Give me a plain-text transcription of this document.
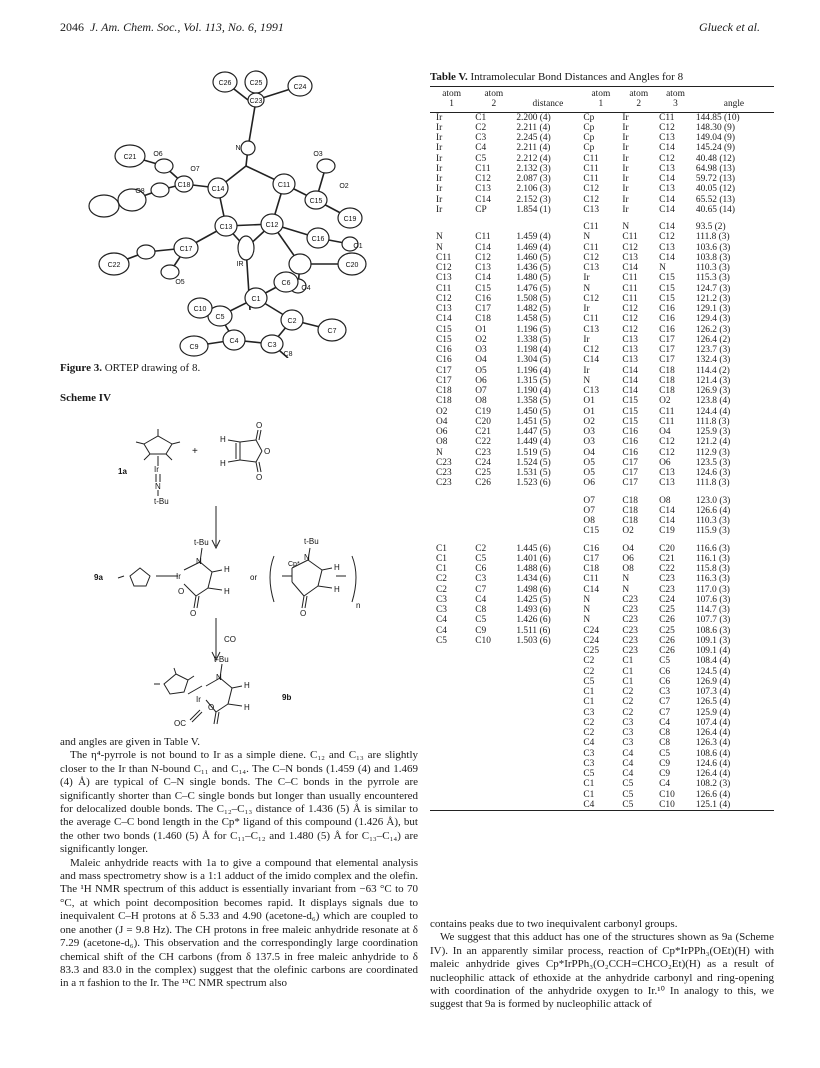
2046 J. Am. Chem. Soc., Vol. 113, No. 6, 1991	Glueck et al.
C26	C25
C24
C23
N
O3
O6
C21
O7
C14
C11	O2
C18
C15
C19
O8
C17
C13	C12
C16
C22
O1
O5
IR	C20
O4
C10
C5
C1
C6
C4
C2
C9	C3
C7
C8
Figure 3. ORTEP drawing of 8.
Scheme IV
N
Ir
t-Bu
1a
+
H
H
O
O
O
9a	Ir
N
t-Bu
H
H
O
O
or
Cp*
N
t-Bu
H
H
O
n
CO
Ir
OC
N
t-Bu
H
H
O
9b

and angles are given in Table V.

The η⁴-pyrrole is not bound to Ir as a simple diene. C₁₂ and C₁₃ are slightly closer to the Ir than N-bound C₁₁ and C₁₄. The C–N bonds (1.459 (4) and 1.469 (4) Å) are typical of C–N single bonds. The C–C bonds in the pyrrole are significantly shorter than C–C single bonds but longer than usually encountered for delocalized double bonds. The C₁₂–C₁₃ distance of 1.436 (5) Å is similar to the average C–C bond length in the Cp* ligand of this compound (1.426 Å), but the other two bonds (1.460 (5) Å for C₁₁–C₁₂ and 1.480 (5) Å for C₁₃–C₁₄) are significantly longer.

Maleic anhydride reacts with 1a to give a compound that elemental analysis and mass spectrometry show is a 1:1 adduct of the imido complex and the olefin. The ¹H NMR spectrum of this adduct is essentially invariant from −63 °C to 70 °C, at which point decomposition becomes rapid. It displays signals due to inequivalent C–H protons at δ 5.33 and 4.90 (acetone-d₆) which are coupled to one another (J = 9.8 Hz). The CH protons in free maleic anhydride resonate at δ 7.29 (acetone-d₆). This observation and the correspondingly large coordination chemical shift of the CH carbons (from δ 137.5 in free maleic anhydride to δ 83.3 and 83.0 in the complex) suggest that the olefinic carbons are coordinated in a π fashion to the Ir. The ¹³C NMR spectrum also

Table V. Intramolecular Bond Distances and Angles for 8
atom	atom		atom	atom	atom	
1	2	distance	1	2	3	angle
Ir	C1	2.200 (4)	Cp	Ir	C11	144.85 (10)
Ir	C2	2.211 (4)	Cp	Ir	C12	148.30 (9)
Ir	C3	2.245 (4)	Cp	Ir	C13	149.04 (9)
Ir	C4	2.211 (4)	Cp	Ir	C14	145.24 (9)
Ir	C5	2.212 (4)	C11	Ir	C12	40.48 (12)
Ir	C11	2.132 (3)	C11	Ir	C13	64.98 (13)
Ir	C12	2.087 (3)	C11	Ir	C14	59.72 (13)
Ir	C13	2.106 (3)	C12	Ir	C13	40.05 (12)
Ir	C14	2.152 (3)	C12	Ir	C14	65.52 (13)
Ir	CP	1.854 (1)	C13	Ir	C14	40.65 (14)

			C11	N	C14	93.5 (2)
N	C11	1.459 (4)	N	C11	C12	111.8 (3)
N	C14	1.469 (4)	C11	C12	C13	103.6 (3)
C11	C12	1.460 (5)	C12	C13	C14	103.8 (3)
C12	C13	1.436 (5)	C13	C14	N	110.3 (3)
C13	C14	1.480 (5)	Ir	C11	C15	115.3 (3)
C11	C15	1.476 (5)	N	C11	C15	124.7 (3)
C12	C16	1.508 (5)	C12	C11	C15	121.2 (3)
C13	C17	1.482 (5)	Ir	C12	C16	129.1 (3)
C14	C18	1.458 (5)	C11	C12	C16	129.4 (3)
C15	O1	1.196 (5)	C13	C12	C16	126.2 (3)
C15	O2	1.338 (5)	Ir	C13	C17	126.4 (2)
C16	O3	1.198 (4)	C12	C13	C17	123.7 (3)
C16	O4	1.304 (5)	C14	C13	C17	132.4 (3)
C17	O5	1.196 (4)	Ir	C14	C18	114.4 (2)
C17	O6	1.315 (5)	N	C14	C18	121.4 (3)
C18	O7	1.190 (4)	C13	C14	C18	126.9 (3)
C18	O8	1.358 (5)	O1	C15	O2	123.8 (4)
O2	C19	1.450 (5)	O1	C15	C11	124.4 (4)
O4	C20	1.451 (5)	O2	C15	C11	111.8 (3)
O6	C21	1.447 (5)	O3	C16	O4	125.9 (3)
O8	C22	1.449 (4)	O3	C16	C12	121.2 (4)
N	C23	1.519 (5)	O4	C16	C12	112.9 (3)
C23	C24	1.524 (5)	O5	C17	O6	123.5 (3)
C23	C25	1.531 (5)	O5	C17	C13	124.6 (3)
C23	C26	1.523 (6)	O6	C17	C13	111.8 (3)

			O7	C18	O8	123.0 (3)
			O7	C18	C14	126.6 (4)
			O8	C18	C14	110.3 (3)
			C15	O2	C19	115.9 (3)

C1	C2	1.445 (6)	C16	O4	C20	116.6 (3)
C1	C5	1.401 (6)	C17	O6	C21	116.1 (3)
C1	C6	1.488 (6)	C18	O8	C22	115.8 (3)
C2	C3	1.434 (6)	C11	N	C23	116.3 (3)
C2	C7	1.498 (6)	C14	N	C23	117.0 (3)
C3	C4	1.425 (5)	N	C23	C24	107.6 (3)
C3	C8	1.493 (6)	N	C23	C25	114.7 (3)
C4	C5	1.426 (6)	N	C23	C26	107.7 (3)
C4	C9	1.511 (6)	C24	C23	C25	108.6 (3)
C5	C10	1.503 (6)	C24	C23	C26	109.1 (3)
			C25	C23	C26	109.1 (4)
			C2	C1	C5	108.4 (4)
			C2	C1	C6	124.5 (4)
			C5	C1	C6	126.9 (4)
			C1	C2	C3	107.3 (4)
			C1	C2	C7	126.5 (4)
			C3	C2	C7	125.9 (4)
			C2	C3	C4	107.4 (4)
			C2	C3	C8	126.4 (4)
			C4	C3	C8	126.3 (4)
			C3	C4	C5	108.6 (4)
			C3	C4	C9	124.6 (4)
			C5	C4	C9	126.4 (4)
			C1	C5	C4	108.2 (3)
			C1	C5	C10	126.6 (4)
			C4	C5	C10	125.1 (4)

contains peaks due to two inequivalent carbonyl groups.

We suggest that this adduct has one of the structures shown as 9a (Scheme IV). In an apparently similar process, reaction of Cp*IrPPh₃(OEt)(H) with maleic anhydride gives Cp*IrPPh₃(O₂CCH=CHCO₂Et)(H) as a result of nucleophilic attack of ethoxide at the anhydride carbonyl and ring-opening with coordination of the anhydride oxygen to Ir.¹⁰ In analogy to this, we suggest that 9a is formed by nucleophilic attack of
